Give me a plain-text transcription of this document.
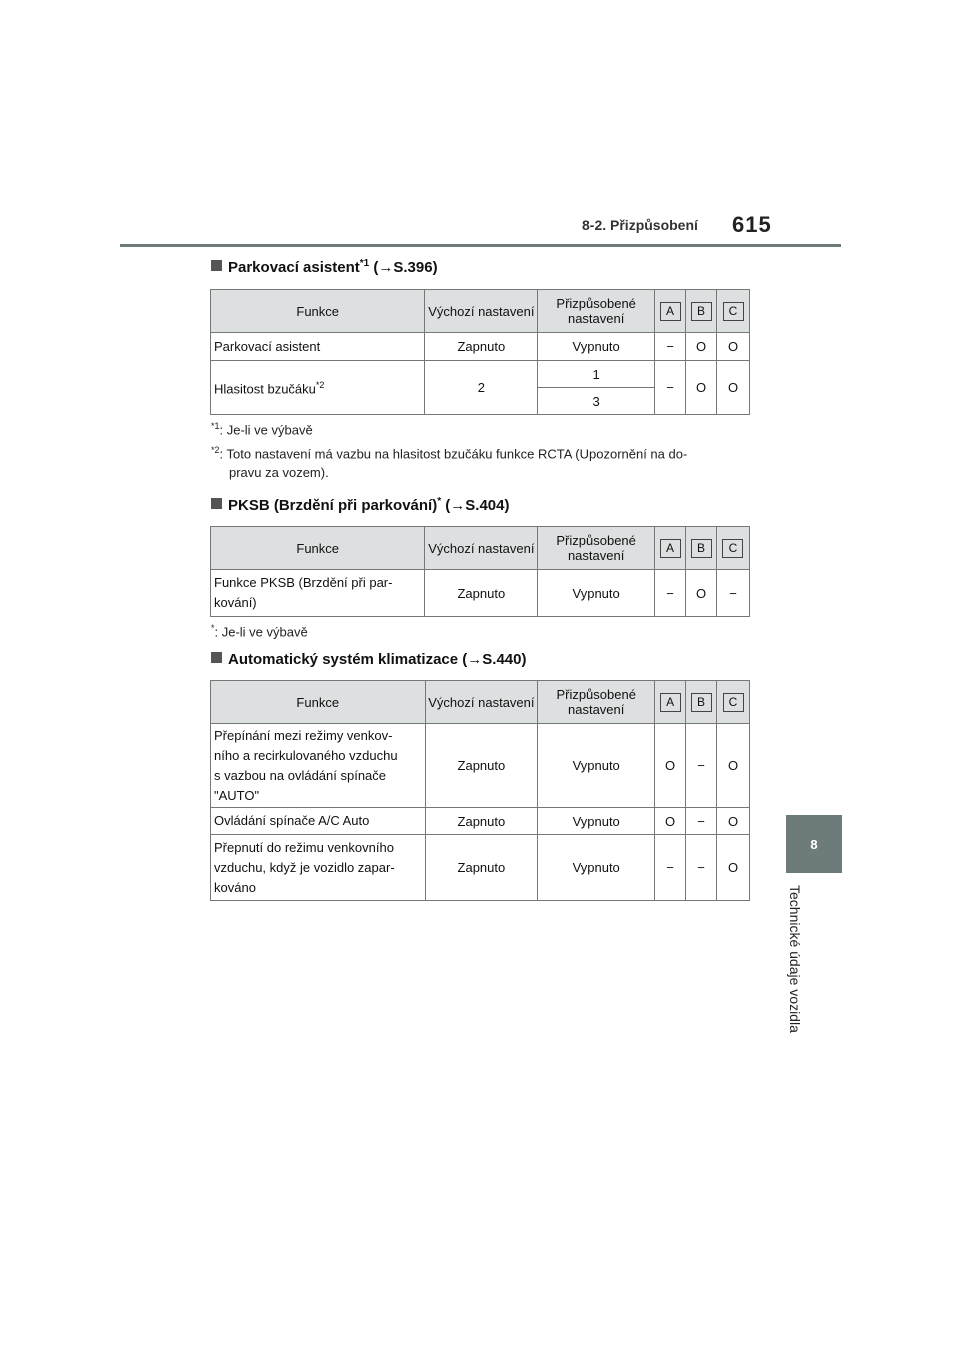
8-2. Přizpůsobení 615
8
Technické údaje vozidla
Parkovací asistent$^{*1}$ (→S.396)
Funkce	Výchozí nastavení	Přizpůsobené nastavení	A	B	C
Parkovací asistent	Zapnuto	Vypnuto	−	O	O
Hlasitost bzučáku$^{*2}$	2	1	−	O	O
		3			
$^{*1}$: Je-li ve výbavě
$^{*2}$: Toto nastavení má vazbu na hlasitost bzučáku funkce RCTA (Upozornění na do-
pravu za vozem).
PKSB (Brzdění při parkování)* (→S.404)
Funkce	Výchozí nastavení	Přizpůsobené nastavení	A	B	C
Funkce PKSB (Brzdění při par-
kování)	Zapnuto	Vypnuto	−	O	−
*: Je-li ve výbavě
Automatický systém klimatizace (→S.440)
Funkce	Výchozí nastavení	Přizpůsobené nastavení	A	B	C
Přepínání mezi režimy venkov-
ního a recirkulovaného vzduchu
s vazbou na ovládání spínače
"AUTO"	Zapnuto	Vypnuto	O	−	O
Ovládání spínače A/C Auto	Zapnuto	Vypnuto	O	−	O
Přepnutí do režimu venkovního
vzduchu, když je vozidlo zapar-
kováno	Zapnuto	Vypnuto	−	−	O
